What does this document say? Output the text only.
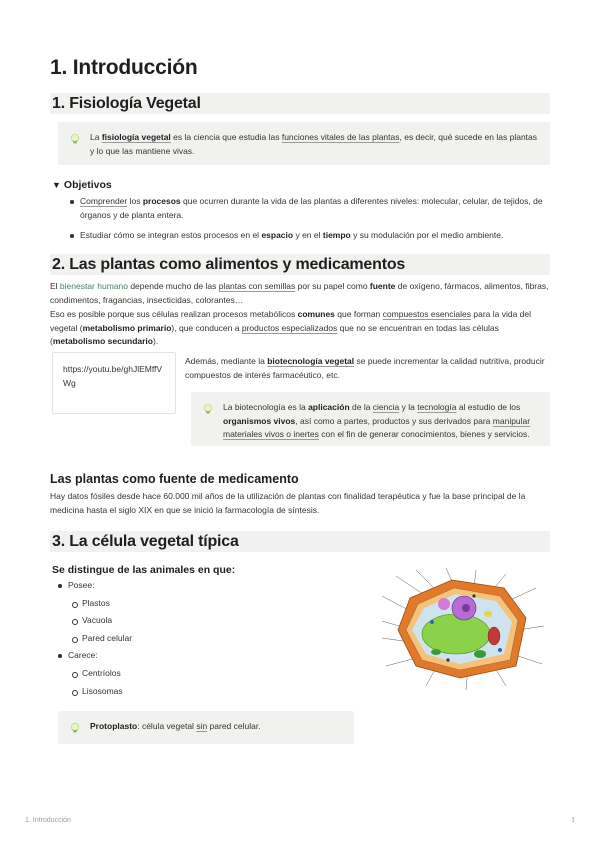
1. Introducción
1. Fisiología Vegetal
La fisiología vegetal es la ciencia que estudia las funciones vitales de las plantas, es decir, qué sucede en las plantas y lo que las mantiene vivas.
▼ Objetivos
Comprender los procesos que ocurren durante la vida de las plantas a diferentes niveles: molecular, celular, de tejidos, de órganos y de planta entera.
Estudiar cómo se integran estos procesos en el espacio y en el tiempo y su modulación por el medio ambiente.
2. Las plantas como alimentos y medicamentos

El bienestar humano depende mucho de las plantas con semillas por su papel como fuente de oxígeno, fármacos, alimentos, fibras, condimentos, fragancias, insecticidas, colorantes…

Eso es posible porque sus células realizan procesos metabólicos comunes que forman compuestos esenciales para la vida del vegetal (metabolismo primario), que conducen a productos especializados que no se encuentran en todas las células (metabolismo secundario).

https://youtu.be/ghJlEMffVWg

Además, mediante la biotecnología vegetal se puede incrementar la calidad nutritiva, producir compuestos de interés farmacéutico, etc.

La biotecnología es la aplicación de la ciencia y la tecnología al estudio de los organismos vivos, así como a partes, productos y sus derivados para manipular materiales vivos o inertes con el fin de generar conocimientos, bienes y servicios.
Las plantas como fuente de medicamento

Hay datos fósiles desde hace 60.000 mil años de la utilización de plantas con finalidad terapéutica y fue la base principal de la medicina hasta el siglo XIX en que se inició la farmacología de síntesis.

3. La célula vegetal típica
Se distingue de las animales en que:
Posee:
Plastos
Vacuola
Pared celular
Carece:
Centríolos
Lisosomas
Protoplasto: célula vegetal sin pared celular.
1. Introducción	1
